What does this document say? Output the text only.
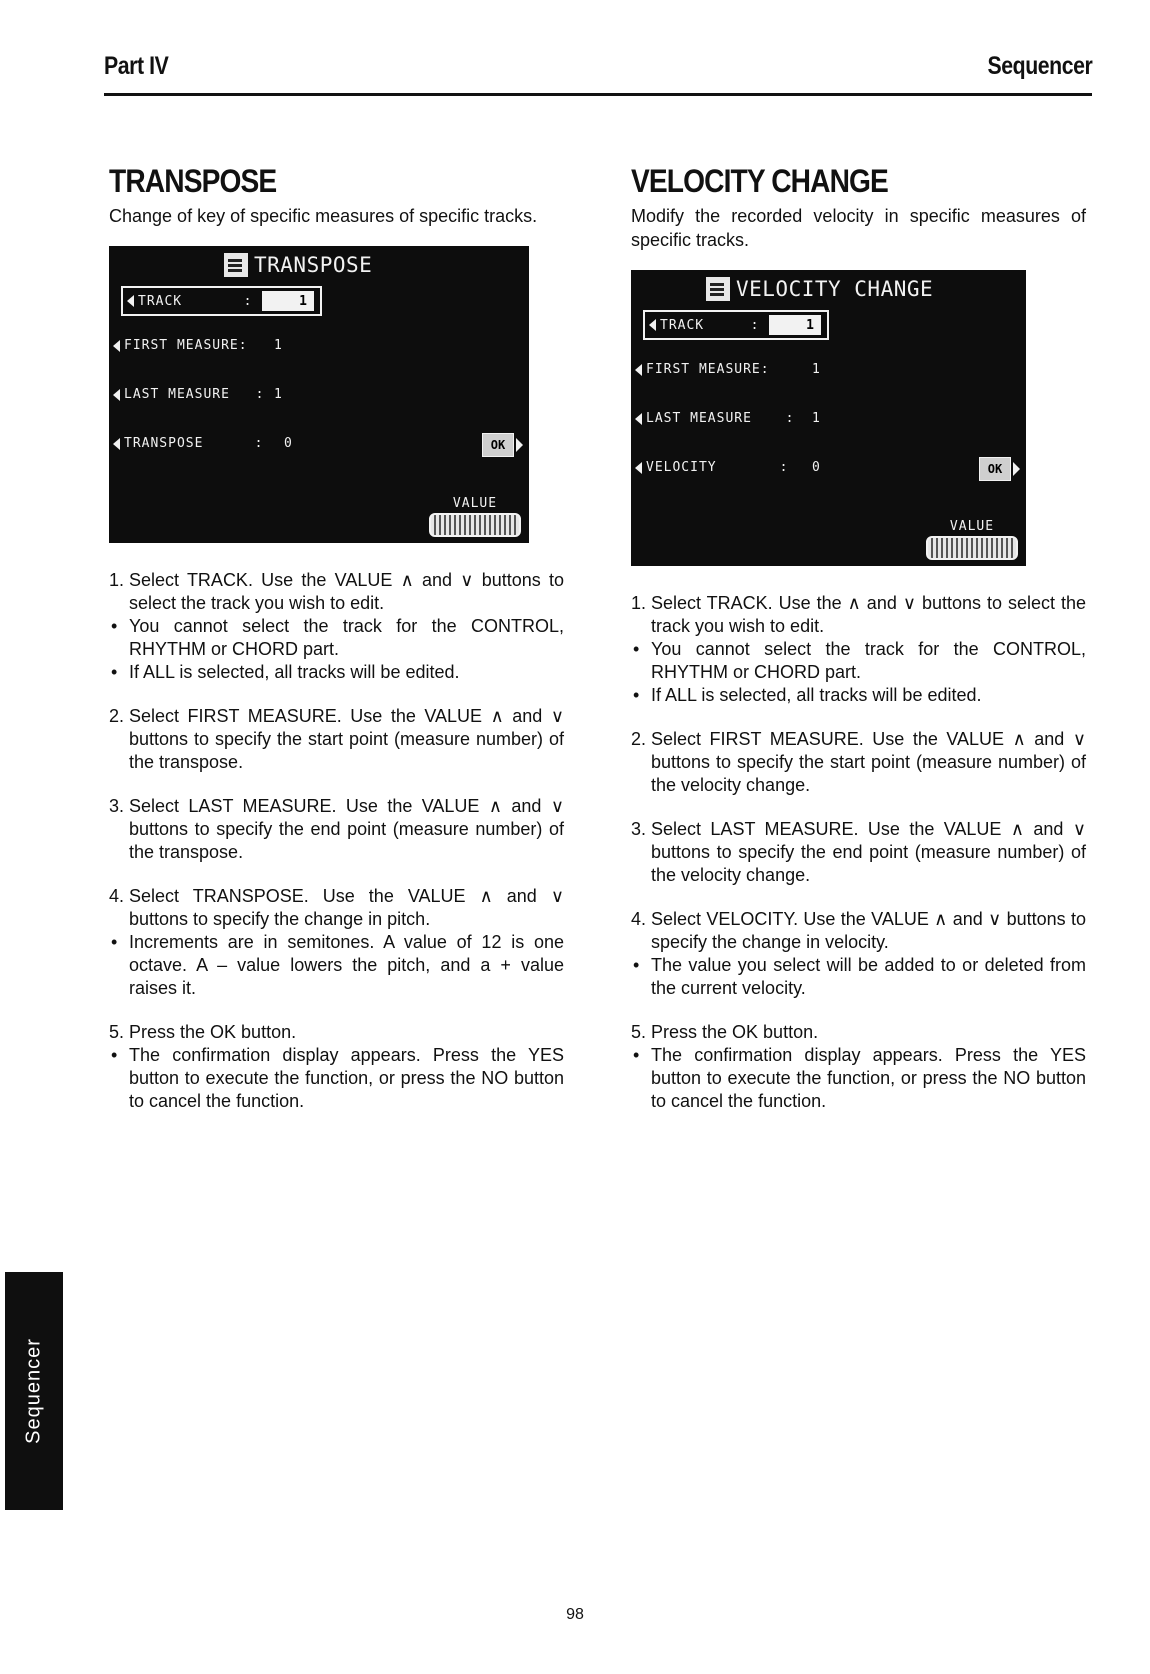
Part IV	Sequencer
TRANSPOSE
Change of key of specific measures of specific tracks.
TRANSPOSE
TRACK	:	1
FIRST MEASURE:	1
LAST MEASURE	: 1
TRANSPOSE	:	0	OK
VALUE
1. Select TRACK. Use the VALUE ∧ and ∨ buttons to select the track you wish to edit.
• You cannot select the track for the CONTROL, RHYTHM or CHORD part.
• If ALL is selected, all tracks will be edited.
2. Select FIRST MEASURE. Use the VALUE ∧ and ∨ buttons to specify the start point (measure number) of the transpose.
3. Select LAST MEASURE. Use the VALUE ∧ and ∨ buttons to specify the end point (measure number) of the transpose.
4. Select TRANSPOSE. Use the VALUE ∧ and ∨ buttons to specify the change in pitch.
• Increments are in semitones. A value of 12 is one octave. A – value lowers the pitch, and a + value raises it.
5. Press the OK button.
• The confirmation display appears. Press the YES button to execute the function, or press the NO button to cancel the function.
VELOCITY CHANGE
Modify the recorded velocity in specific measures of specific tracks.
VELOCITY CHANGE
TRACK	:	1
FIRST MEASURE:	1
LAST MEASURE	:	1
VELOCITY	:	0	OK
VALUE
1. Select TRACK. Use the ∧ and ∨ buttons to select the track you wish to edit.
• You cannot select the track for the CONTROL, RHYTHM or CHORD part.
• If ALL is selected, all tracks will be edited.
2. Select FIRST MEASURE. Use the VALUE ∧ and ∨ buttons to specify the start point (measure number) of the velocity change.
3. Select LAST MEASURE. Use the VALUE ∧ and ∨ buttons to specify the end point (measure number) of the velocity change.
4. Select VELOCITY. Use the VALUE ∧ and ∨ buttons to specify the change in velocity.
• The value you select will be added to or deleted from the current velocity.
5. Press the OK button.
• The confirmation display appears. Press the YES button to execute the function, or press the NO button to cancel the function.
Sequencer
98
